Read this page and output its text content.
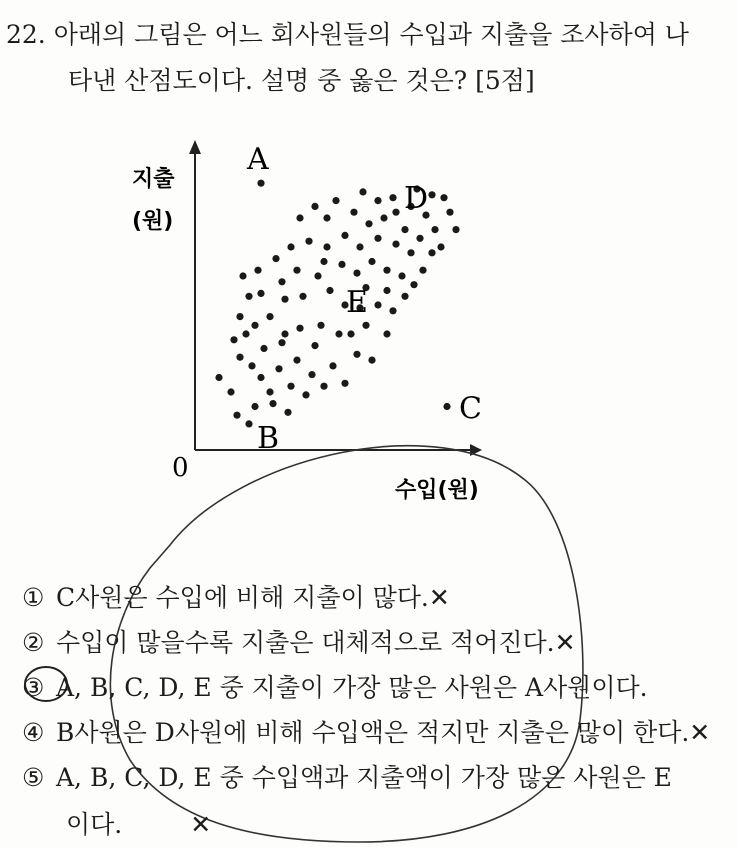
22. 아래의 그림은 어느 회사원들의 수입과 지출을 조사하여 나
타낸 산점도이다. 설명 중 옳은 것은? [5점]
지출
(원)
수입(원)
0
A
B
C
D
E
① C사원은 수입에 비해 지출이 많다.✕
② 수입이 많을수록 지출은 대체적으로 적어진다.✕
③ A, B, C, D, E 중 지출이 가장 많은 사원은 A사원이다.
④ B사원은 D사원에 비해 수입액은 적지만 지출은 많이 한다.✕
⑤ A, B, C, D, E 중 수입액과 지출액이 가장 많은 사원은 E
이다.	✕
